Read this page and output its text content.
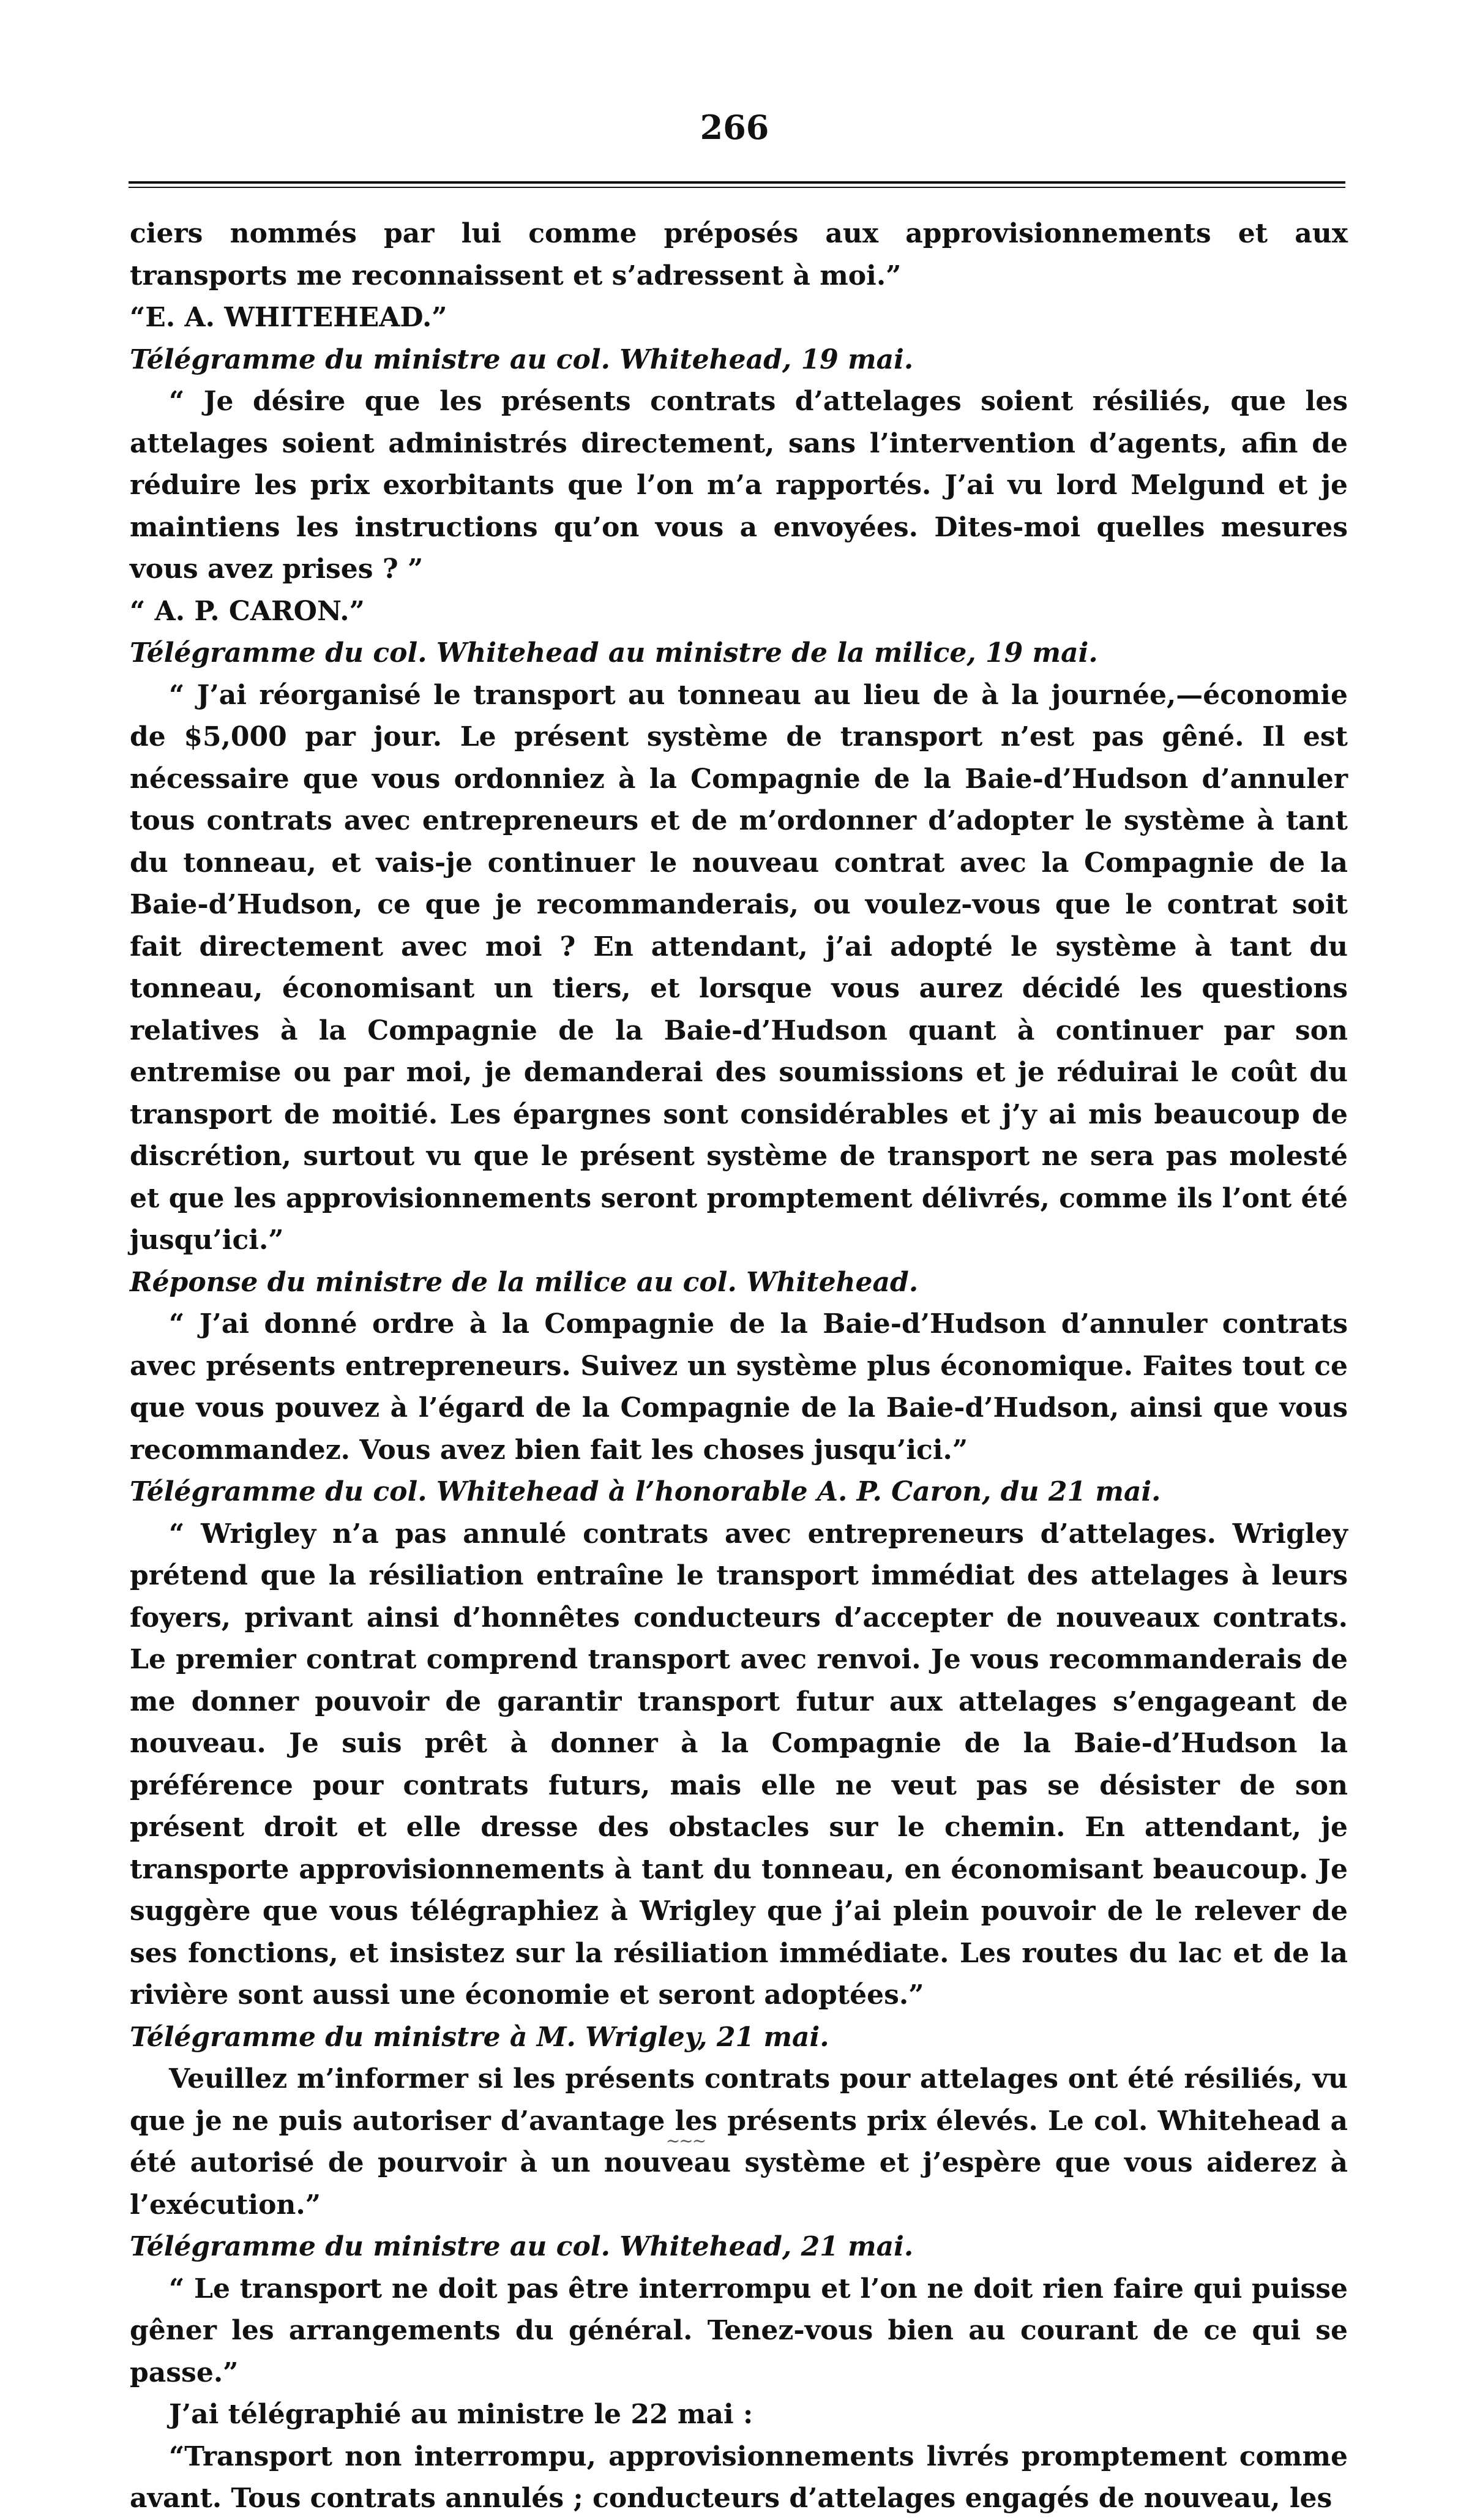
266

ciers nommés par lui comme préposés aux approvisionnements et aux transports me reconnaissent et s’adressent à moi.”

“E. A. WHITEHEAD.”

Télégramme du ministre au col. Whitehead, 19 mai.

“ Je désire que les présents contrats d’attelages soient résiliés, que les attelages soient administrés directement, sans l’intervention d’agents, afin de réduire les prix exorbitants que l’on m’a rapportés. J’ai vu lord Melgund et je maintiens les instructions qu’on vous a envoyées. Dites-moi quelles mesures vous avez prises ? ”

“ A. P. CARON.”

Télégramme du col. Whitehead au ministre de la milice, 19 mai.

“ J’ai réorganisé le transport au tonneau au lieu de à la journée,—économie de $5,000 par jour. Le présent système de transport n’est pas gêné. Il est nécessaire que vous ordonniez à la Compagnie de la Baie-d’Hudson d’annuler tous contrats avec entrepreneurs et de m’ordonner d’adopter le système à tant du tonneau, et vais-je continuer le nouveau contrat avec la Compagnie de la Baie-d’Hudson, ce que je recommanderais, ou voulez-vous que le contrat soit fait directement avec moi ? En attendant, j’ai adopté le système à tant du tonneau, économisant un tiers, et lorsque vous aurez décidé les questions relatives à la Compagnie de la Baie-d’Hudson quant à continuer par son entremise ou par moi, je demanderai des soumissions et je réduirai le coût du transport de moitié. Les épargnes sont considérables et j’y ai mis beaucoup de discrétion, surtout vu que le présent système de transport ne sera pas molesté et que les approvisionnements seront promptement délivrés, comme ils l’ont été jusqu’ici.”

Réponse du ministre de la milice au col. Whitehead.

“ J’ai donné ordre à la Compagnie de la Baie-d’Hudson d’annuler contrats avec présents entrepreneurs. Suivez un système plus économique. Faites tout ce que vous pouvez à l’égard de la Compagnie de la Baie-d’Hudson, ainsi que vous recommandez. Vous avez bien fait les choses jusqu’ici.”

Télégramme du col. Whitehead à l’honorable A. P. Caron, du 21 mai.

“ Wrigley n’a pas annulé contrats avec entrepreneurs d’attelages. Wrigley prétend que la résiliation entraîne le transport immédiat des attelages à leurs foyers, privant ainsi d’honnêtes conducteurs d’accepter de nouveaux contrats. Le premier contrat comprend transport avec renvoi. Je vous recommanderais de me donner pouvoir de garantir transport futur aux attelages s’engageant de nouveau. Je suis prêt à donner à la Compagnie de la Baie-d’Hudson la préférence pour contrats futurs, mais elle ne veut pas se désister de son présent droit et elle dresse des obstacles sur le chemin. En attendant, je transporte approvisionnements à tant du tonneau, en économisant beaucoup. Je suggère que vous télégraphiez à Wrigley que j’ai plein pouvoir de le relever de ses fonctions, et insistez sur la résiliation immédiate. Les routes du lac et de la rivière sont aussi une économie et seront adoptées.”

Télégramme du ministre à M. Wrigley, 21 mai.

Veuillez m’informer si les présents contrats pour attelages ont été résiliés, vu que je ne puis autoriser d’avantage les présents prix élevés. Le col. Whitehead a été autorisé de pourvoir à un nouveau système et j’espère que vous aiderez à l’exécution.”

Télégramme du ministre au col. Whitehead, 21 mai.

“ Le transport ne doit pas être interrompu et l’on ne doit rien faire qui puisse gêner les arrangements du général. Tenez-vous bien au courant de ce qui se passe.”

J’ai télégraphié au ministre le 22 mai :

“Transport non interrompu, approvisionnements livrés promptement comme avant. Tous contrats annulés ; conducteurs d’attelages engagés de nouveau, les

~~~
